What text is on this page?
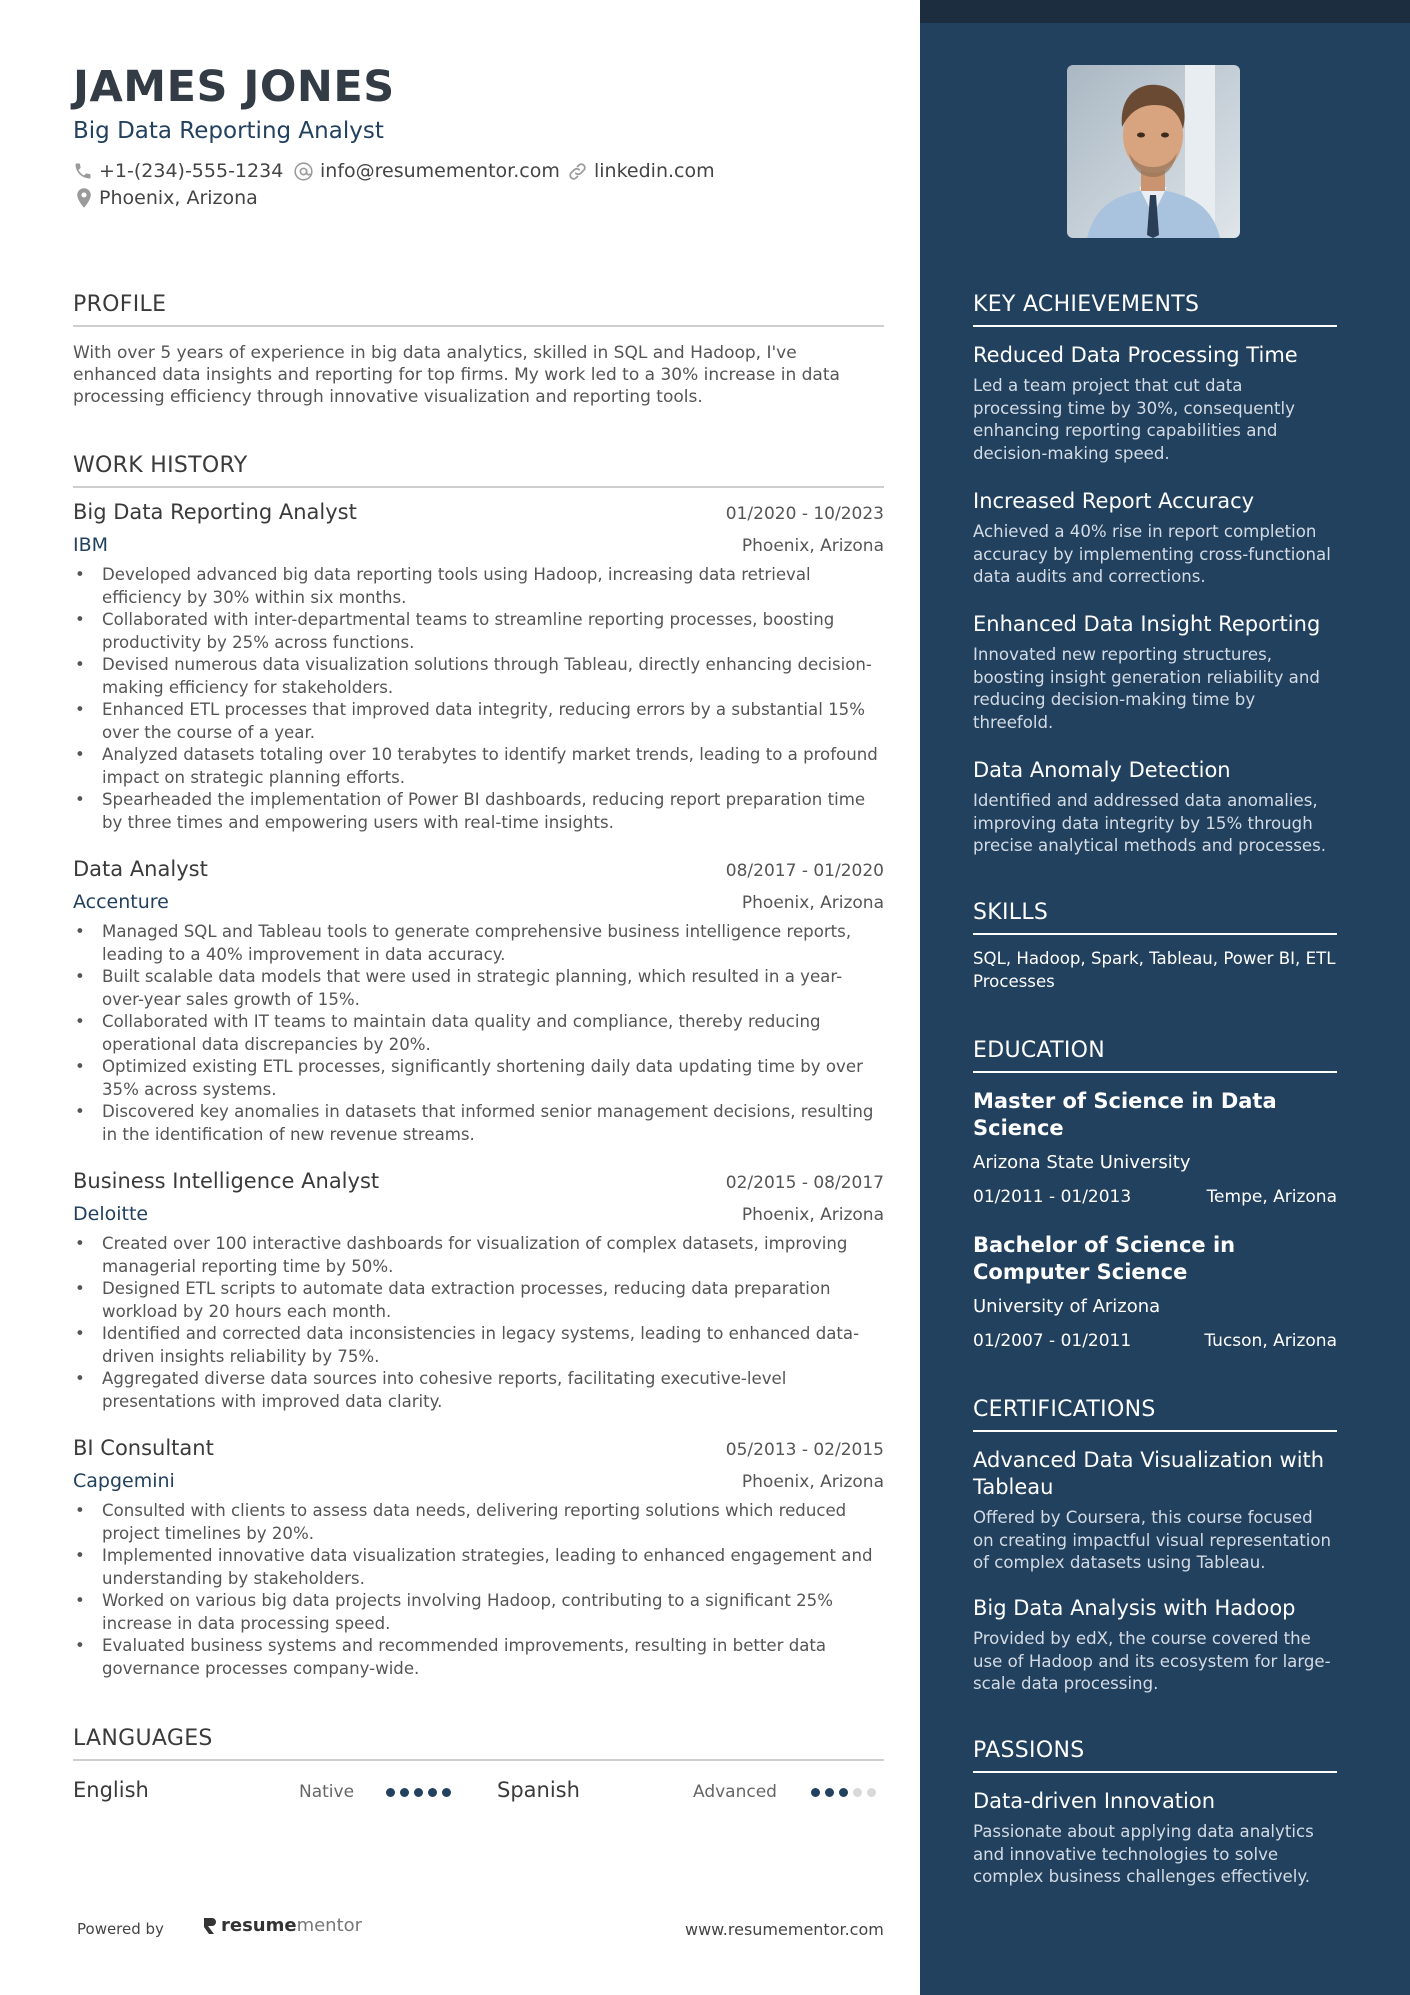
JAMES JONES
Big Data Reporting Analyst
+1-(234)-555-1234 info@resumementor.com linkedin.com
Phoenix, Arizona
PROFILE
With over 5 years of experience in big data analytics, skilled in SQL and Hadoop, I've enhanced data insights and reporting for top firms. My work led to a 30% increase in data processing efficiency through innovative visualization and reporting tools.
WORK HISTORY
Big Data Reporting Analyst	01/2020 - 10/2023
IBM	Phoenix, Arizona
• Developed advanced big data reporting tools using Hadoop, increasing data retrieval efficiency by 30% within six months.
• Collaborated with inter-departmental teams to streamline reporting processes, boosting productivity by 25% across functions.
• Devised numerous data visualization solutions through Tableau, directly enhancing decision-making efficiency for stakeholders.
• Enhanced ETL processes that improved data integrity, reducing errors by a substantial 15% over the course of a year.
• Analyzed datasets totaling over 10 terabytes to identify market trends, leading to a profound impact on strategic planning efforts.
• Spearheaded the implementation of Power BI dashboards, reducing report preparation time by three times and empowering users with real-time insights.
Data Analyst	08/2017 - 01/2020
Accenture	Phoenix, Arizona
• Managed SQL and Tableau tools to generate comprehensive business intelligence reports, leading to a 40% improvement in data accuracy.
• Built scalable data models that were used in strategic planning, which resulted in a year-over-year sales growth of 15%.
• Collaborated with IT teams to maintain data quality and compliance, thereby reducing operational data discrepancies by 20%.
• Optimized existing ETL processes, significantly shortening daily data updating time by over 35% across systems.
• Discovered key anomalies in datasets that informed senior management decisions, resulting in the identification of new revenue streams.
Business Intelligence Analyst	02/2015 - 08/2017
Deloitte	Phoenix, Arizona
• Created over 100 interactive dashboards for visualization of complex datasets, improving managerial reporting time by 50%.
• Designed ETL scripts to automate data extraction processes, reducing data preparation workload by 20 hours each month.
• Identified and corrected data inconsistencies in legacy systems, leading to enhanced data-driven insights reliability by 75%.
• Aggregated diverse data sources into cohesive reports, facilitating executive-level presentations with improved data clarity.
BI Consultant	05/2013 - 02/2015
Capgemini	Phoenix, Arizona
• Consulted with clients to assess data needs, delivering reporting solutions which reduced project timelines by 20%.
• Implemented innovative data visualization strategies, leading to enhanced engagement and understanding by stakeholders.
• Worked on various big data projects involving Hadoop, contributing to a significant 25% increase in data processing speed.
• Evaluated business systems and recommended improvements, resulting in better data governance processes company-wide.
LANGUAGES
English	Native	Spanish	Advanced
Powered by	resume mentor	www.resumementor.com
KEY ACHIEVEMENTS
Reduced Data Processing Time
Led a team project that cut data processing time by 30%, consequently enhancing reporting capabilities and decision-making speed.
Increased Report Accuracy
Achieved a 40% rise in report completion accuracy by implementing cross-functional data audits and corrections.
Enhanced Data Insight Reporting
Innovated new reporting structures, boosting insight generation reliability and reducing decision-making time by threefold.
Data Anomaly Detection
Identified and addressed data anomalies, improving data integrity by 15% through precise analytical methods and processes.
SKILLS
SQL, Hadoop, Spark, Tableau, Power BI, ETL Processes
EDUCATION
Master of Science in Data Science
Arizona State University
01/2011 - 01/2013	Tempe, Arizona
Bachelor of Science in Computer Science
University of Arizona
01/2007 - 01/2011	Tucson, Arizona
CERTIFICATIONS
Advanced Data Visualization with Tableau
Offered by Coursera, this course focused on creating impactful visual representation of complex datasets using Tableau.
Big Data Analysis with Hadoop
Provided by edX, the course covered the use of Hadoop and its ecosystem for large-scale data processing.
PASSIONS
Data-driven Innovation
Passionate about applying data analytics and innovative technologies to solve complex business challenges effectively.
